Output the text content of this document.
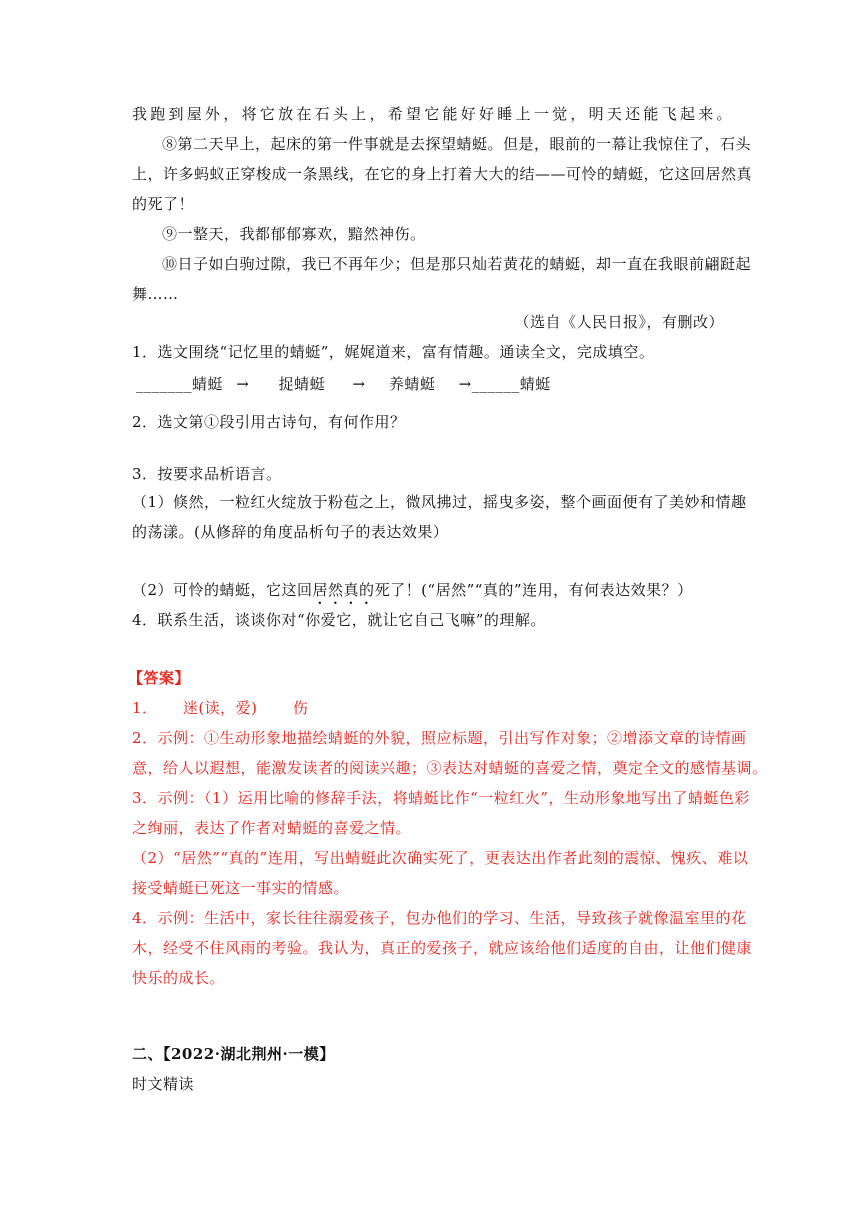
我跑到屋外，将它放在石头上，希望它能好好睡上一觉，明天还能飞起来。
⑧第二天早上，起床的第一件事就是去探望蜻蜓。但是，眼前的一幕让我惊住了，石头
上，许多蚂蚁正穿梭成一条黑线，在它的身上打着大大的结——可怜的蜻蜓，它这回居然真
的死了！
⑨一整天，我都郁郁寡欢，黯然神伤。
⑩日子如白驹过隙，我已不再年少；但是那只灿若黄花的蜻蜓，却一直在我眼前翩跹起
舞……
（选自《人民日报》，有删改）
1．选文围绕“记忆里的蜻蜓”，娓娓道来，富有情趣。通读全文，完成填空。
_______蜻蜓 → 捉蜻蜓 → 养蜻蜓 →______蜻蜓
2．选文第①段引用古诗句，有何作用？
3．按要求品析语言。
（1）倏然，一粒红火绽放于粉苞之上，微风拂过，摇曳多姿，整个画面便有了美妙和情趣
的荡漾。(从修辞的角度品析句子的表达效果）
（2）可怜的蜻蜓，它这回居然真的死了！(“居然”“真的”连用，有何表达效果？）
4．联系生活，谈谈你对“你爱它，就让它自己飞嘛”的理解。
【答案】
1． 迷(读，爱) 伤
2．示例：①生动形象地描绘蜻蜓的外貌，照应标题，引出写作对象；②增添文章的诗情画
意，给人以遐想，能激发读者的阅读兴趣；③表达对蜻蜓的喜爱之情，奠定全文的感情基调。
3．示例：（1）运用比喻的修辞手法，将蜻蜓比作“一粒红火”，生动形象地写出了蜻蜓色彩
之绚丽，表达了作者对蜻蜓的喜爱之情。
（2）“居然”“真的”连用，写出蜻蜓此次确实死了，更表达出作者此刻的震惊、愧疚、难以
接受蜻蜓已死这一事实的情感。
4．示例：生活中，家长往往溺爱孩子，包办他们的学习、生活，导致孩子就像温室里的花
木，经受不住风雨的考验。我认为，真正的爱孩子，就应该给他们适度的自由，让他们健康
快乐的成长。
二、【2022·湖北荆州·一模】
时文精读
